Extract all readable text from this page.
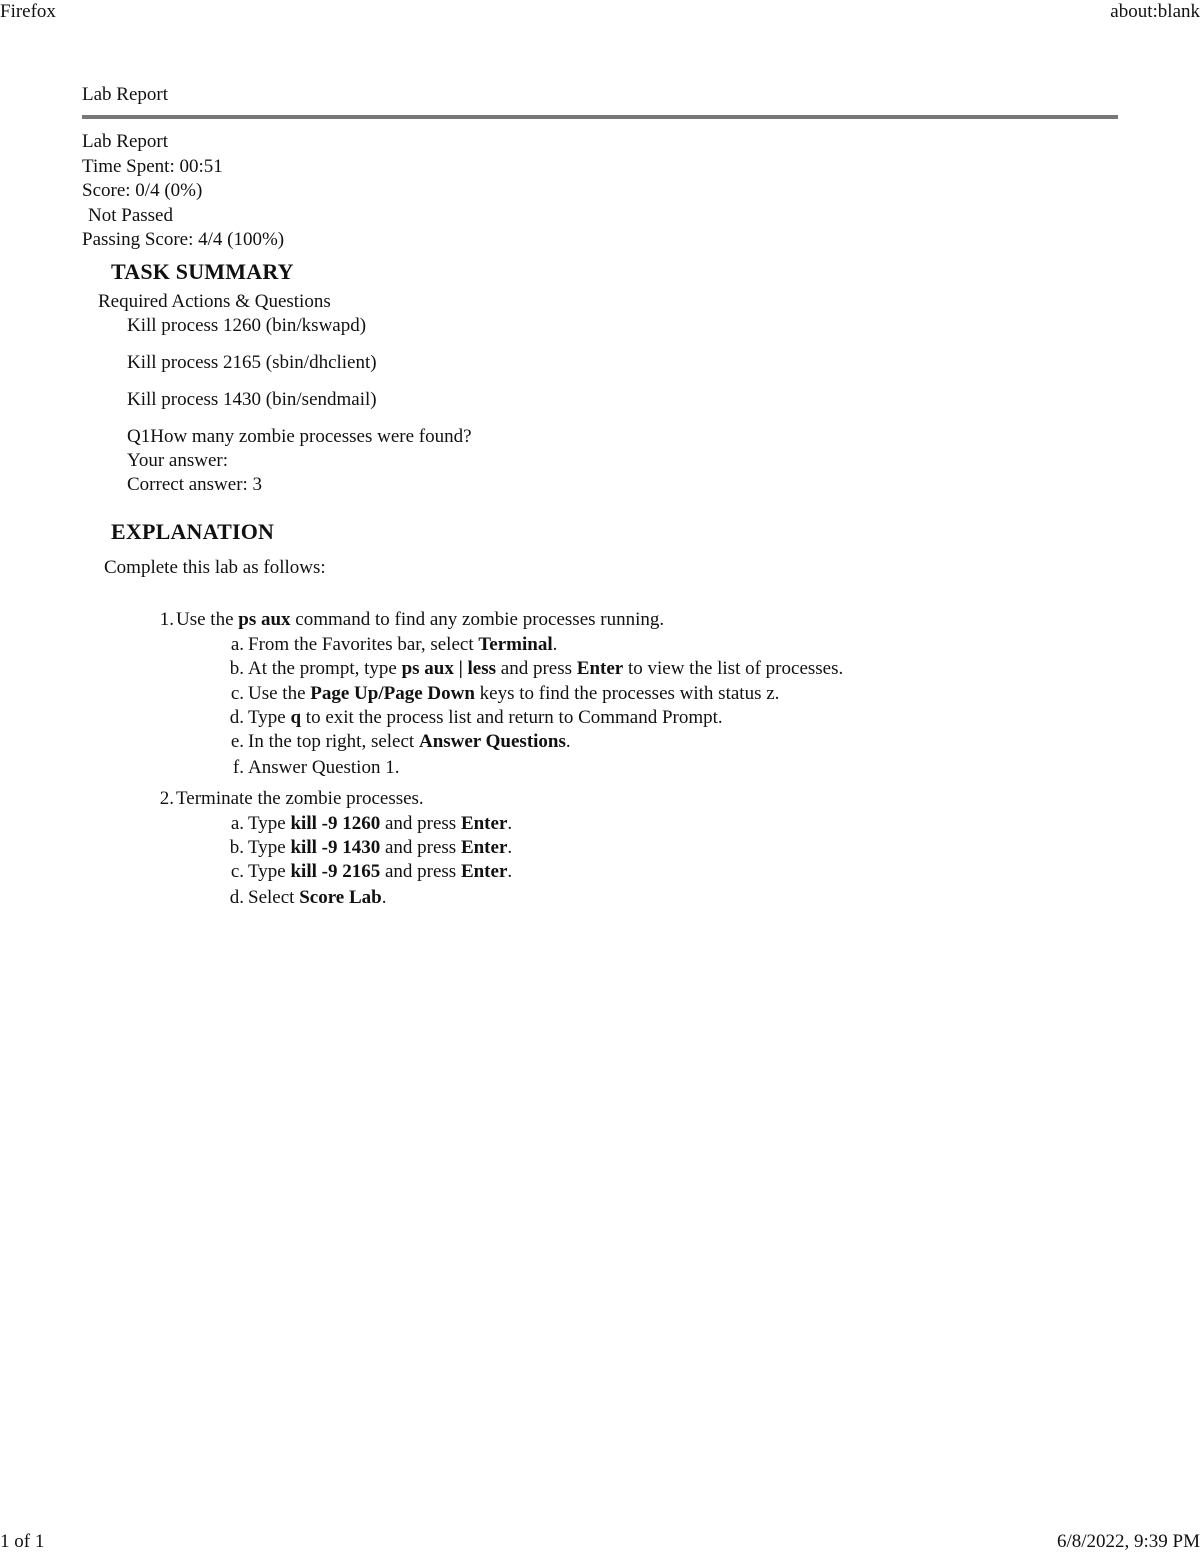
Firefox	about:blank
1 of 1	6/8/2022, 9:39 PM
Lab Report
Lab Report
Time Spent: 00:51
Score: 0/4 (0%)
Not Passed
Passing Score: 4/4 (100%)
TASK SUMMARY
Required Actions & Questions
Kill process 1260 (bin/kswapd)
Kill process 2165 (sbin/dhclient)
Kill process 1430 (bin/sendmail)
Q1How many zombie processes were found?
Your answer:
Correct answer: 3
EXPLANATION
Complete this lab as follows:
1. Use the ps aux command to find any zombie processes running.
a. From the Favorites bar, select Terminal.
b. At the prompt, type ps aux | less and press Enter to view the list of processes.
c. Use the Page Up/Page Down keys to find the processes with status z.
d. Type q to exit the process list and return to Command Prompt.
e. In the top right, select Answer Questions.
f. Answer Question 1.
2. Terminate the zombie processes.
a. Type kill -9 1260 and press Enter.
b. Type kill -9 1430 and press Enter.
c. Type kill -9 2165 and press Enter.
d. Select Score Lab.
